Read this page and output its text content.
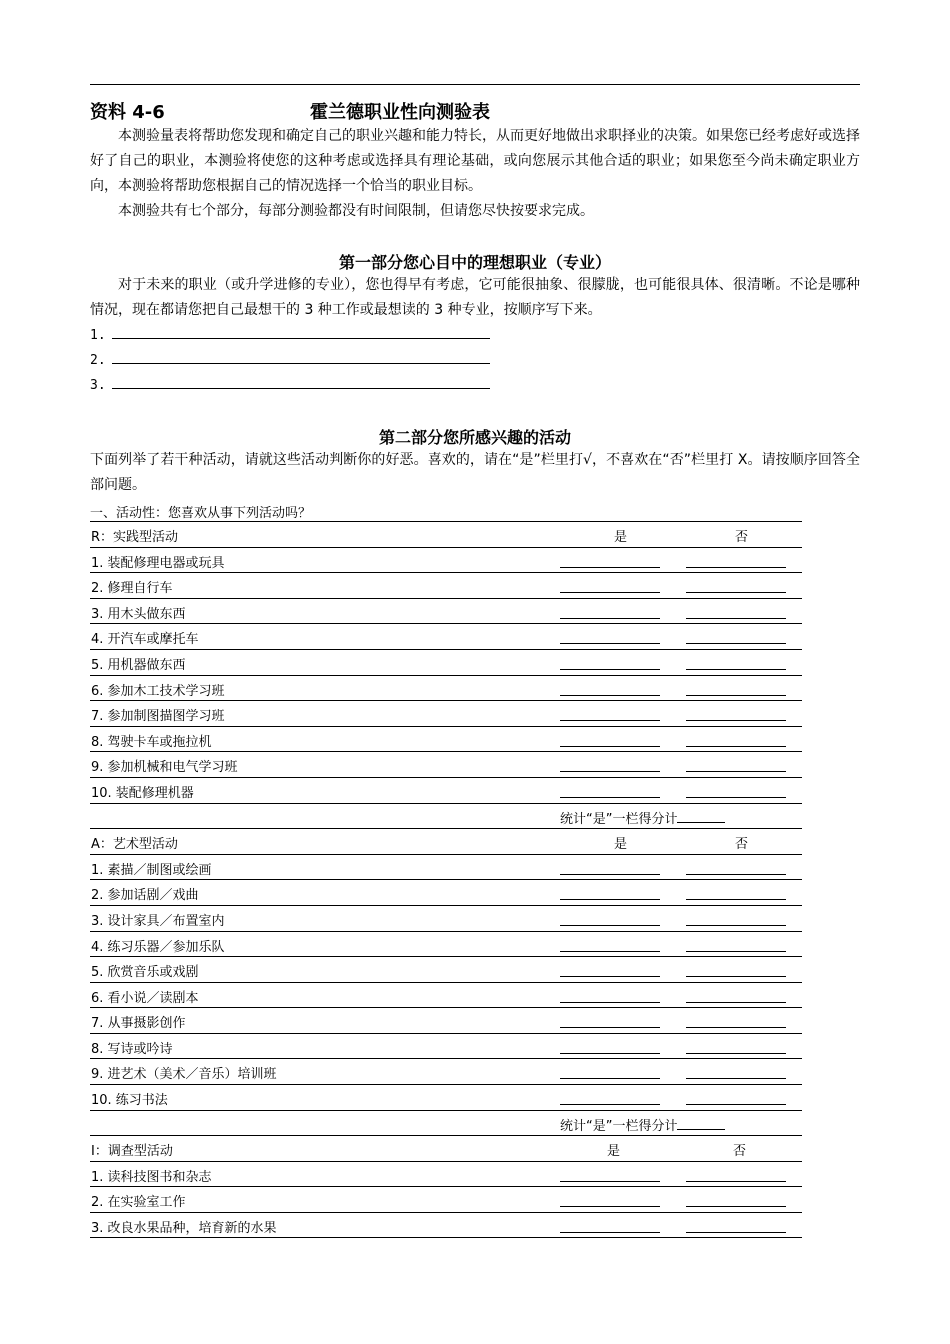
资料 4-6	霍兰德职业性向测验表
本测验量表将帮助您发现和确定自己的职业兴趣和能力特长，从而更好地做出求职择业的决策。如果您已经考虑好或选择好了自己的职业，本测验将使您的这种考虑或选择具有理论基础，或向您展示其他合适的职业；如果您至今尚未确定职业方向，本测验将帮助您根据自己的情况选择一个恰当的职业目标。
本测验共有七个部分，每部分测验都没有时间限制，但请您尽快按要求完成。
第一部分您心目中的理想职业（专业）
对于未来的职业（或升学进修的专业），您也得早有考虑，它可能很抽象、很朦胧，也可能很具体、很清晰。不论是哪种情况，现在都请您把自己最想干的 3 种工作或最想读的 3 种专业，按顺序写下来。
1.
2.
3.
第二部分您所感兴趣的活动
下面列举了若干种活动，请就这些活动判断你的好恶。喜欢的，请在“是”栏里打√，不喜欢在“否”栏里打 X。请按顺序回答全部问题。
一、活动性：您喜欢从事下列活动吗？
R：实践型活动	是	否
1. 装配修理电器或玩具
2. 修理自行车
3. 用木头做东西
4. 开汽车或摩托车
5. 用机器做东西
6. 参加木工技术学习班
7. 参加制图描图学习班
8. 驾驶卡车或拖拉机
9. 参加机械和电气学习班
10. 装配修理机器
统计“是”一栏得分计
A：艺术型活动	是	否
1. 素描／制图或绘画
2. 参加话剧／戏曲
3. 设计家具／布置室内
4. 练习乐器／参加乐队
5. 欣赏音乐或戏剧
6. 看小说／读剧本
7. 从事摄影创作
8. 写诗或吟诗
9. 进艺术（美术／音乐）培训班
10. 练习书法
统计“是”一栏得分计
I：调查型活动	是	否
1. 读科技图书和杂志
2. 在实验室工作
3. 改良水果品种，培育新的水果
